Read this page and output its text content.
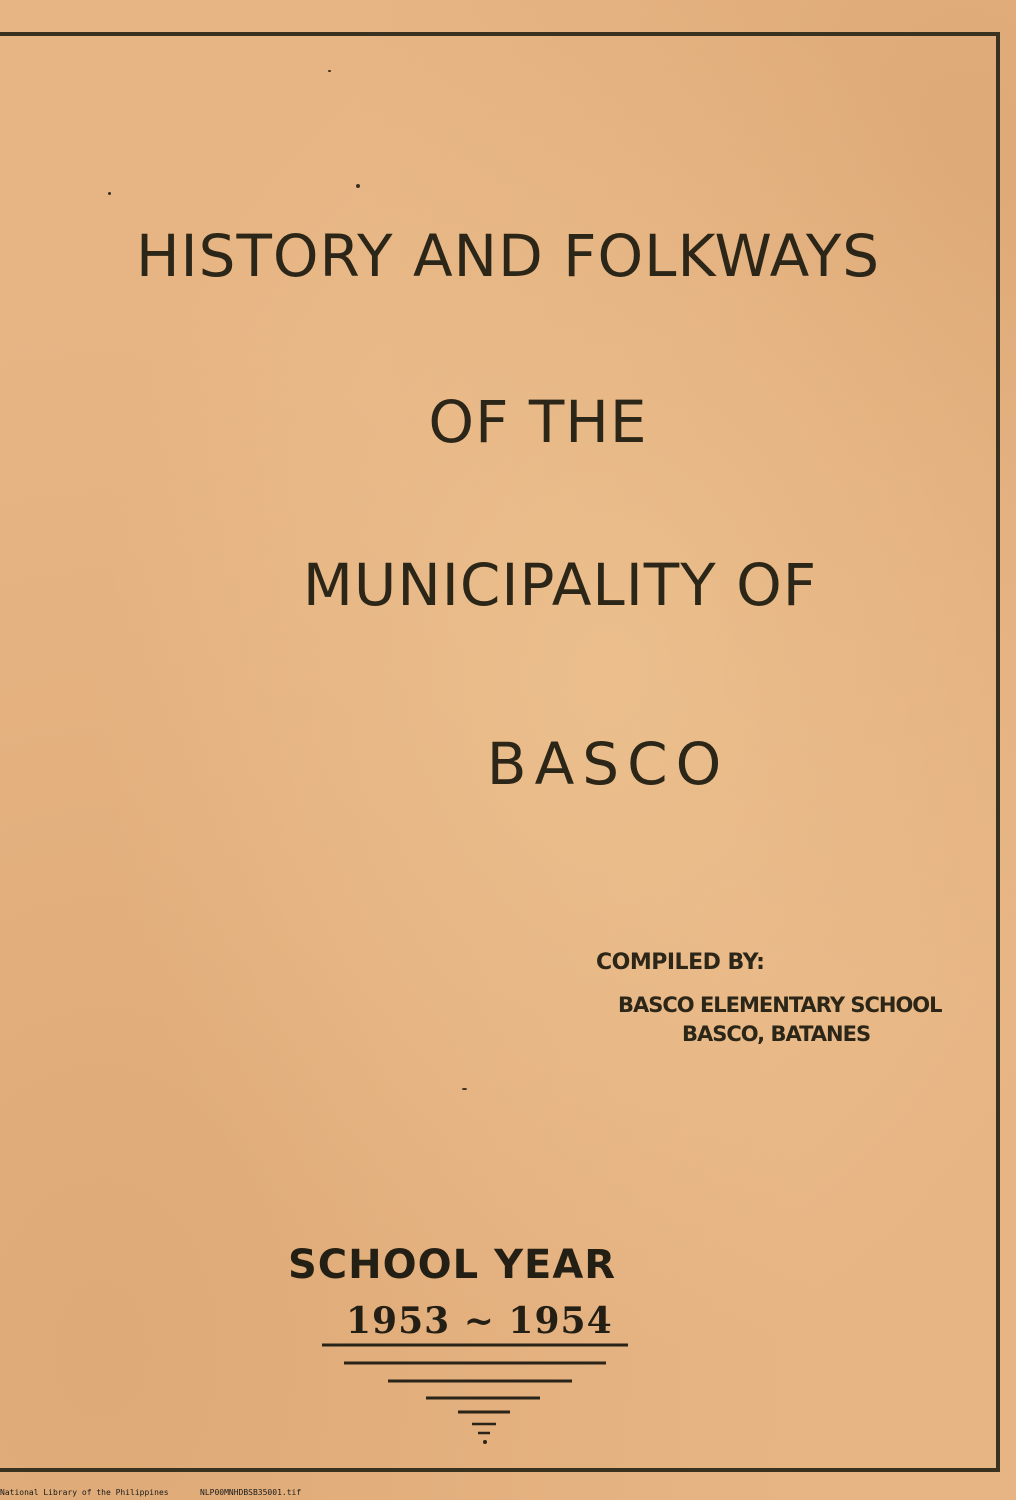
HISTORY AND FOLKWAYS
OF THE
MUNICIPALITY OF
BASCO
COMPILED BY:
BASCO ELEMENTARY SCHOOL
BASCO, BATANES
SCHOOL YEAR
1953 ~ 1954
National Library of the Philippines	NLP00MNHDBSB35001.tif
